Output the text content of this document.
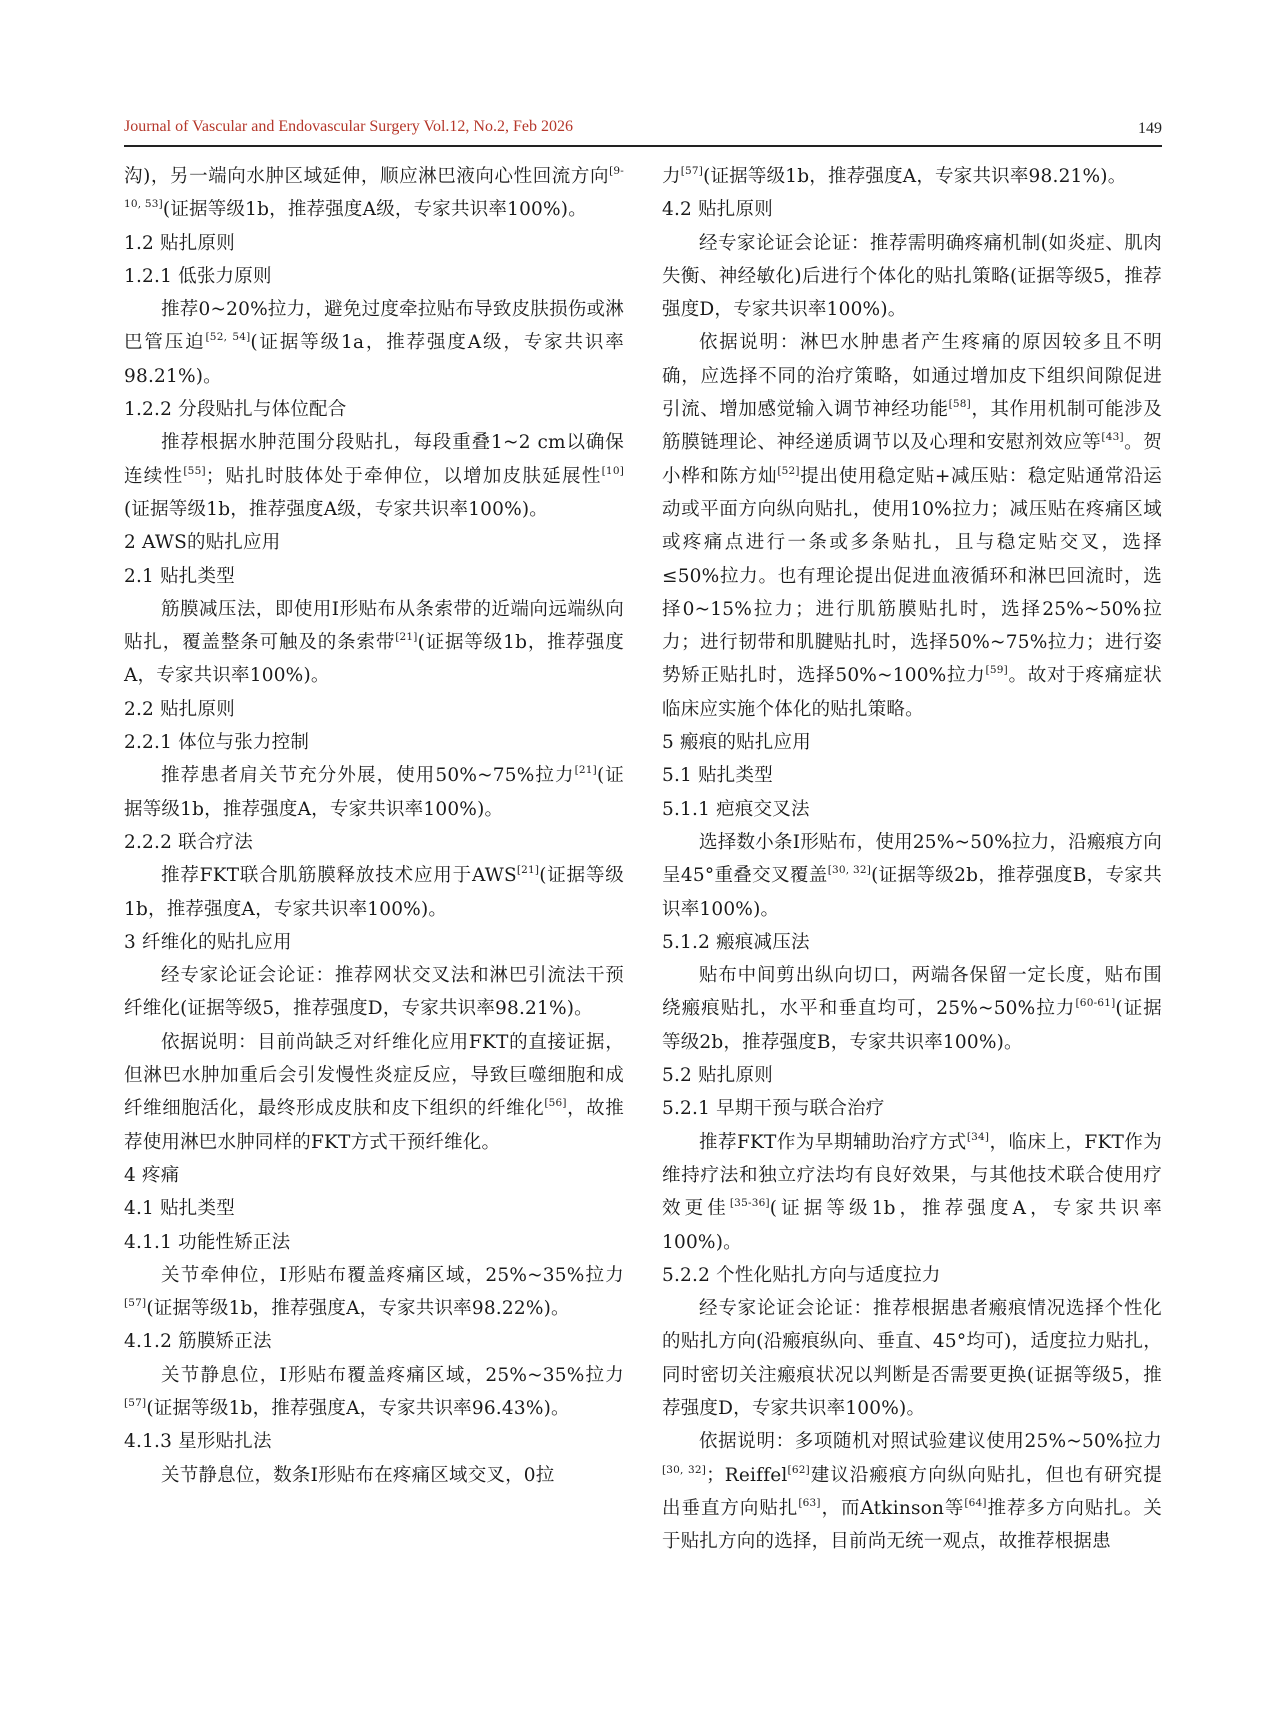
Journal of Vascular and Endovascular Surgery Vol.12, No.2, Feb 2026	149

沟)，另一端向水肿区域延伸，顺应淋巴液向心性回流方向[9-10, 53](证据等级1b，推荐强度A级，专家共识率100%)。

1.2 贴扎原则

1.2.1 低张力原则

推荐0~20%拉力，避免过度牵拉贴布导致皮肤损伤或淋巴管压迫[52, 54](证据等级1a，推荐强度A级，专家共识率98.21%)。

1.2.2 分段贴扎与体位配合

推荐根据水肿范围分段贴扎，每段重叠1~2 cm以确保连续性[55]；贴扎时肢体处于牵伸位，以增加皮肤延展性[10](证据等级1b，推荐强度A级，专家共识率100%)。

2 AWS的贴扎应用

2.1 贴扎类型

筋膜减压法，即使用Ⅰ形贴布从条索带的近端向远端纵向贴扎，覆盖整条可触及的条索带[21](证据等级1b，推荐强度A，专家共识率100%)。

2.2 贴扎原则

2.2.1 体位与张力控制

推荐患者肩关节充分外展，使用50%~75%拉力[21](证据等级1b，推荐强度A，专家共识率100%)。

2.2.2 联合疗法

推荐FKT联合肌筋膜释放技术应用于AWS[21](证据等级1b，推荐强度A，专家共识率100%)。

3 纤维化的贴扎应用

经专家论证会论证：推荐网状交叉法和淋巴引流法干预纤维化(证据等级5，推荐强度D，专家共识率98.21%)。

依据说明：目前尚缺乏对纤维化应用FKT的直接证据，但淋巴水肿加重后会引发慢性炎症反应，导致巨噬细胞和成纤维细胞活化，最终形成皮肤和皮下组织的纤维化[56]，故推荐使用淋巴水肿同样的FKT方式干预纤维化。

4 疼痛

4.1 贴扎类型

4.1.1 功能性矫正法

关节牵伸位，Ⅰ形贴布覆盖疼痛区域，25%~35%拉力[57](证据等级1b，推荐强度A，专家共识率98.22%)。

4.1.2 筋膜矫正法

关节静息位，Ⅰ形贴布覆盖疼痛区域，25%~35%拉力[57](证据等级1b，推荐强度A，专家共识率96.43%)。

4.1.3 星形贴扎法

关节静息位，数条Ⅰ形贴布在疼痛区域交叉，0拉

力[57](证据等级1b，推荐强度A，专家共识率98.21%)。

4.2 贴扎原则

经专家论证会论证：推荐需明确疼痛机制(如炎症、肌肉失衡、神经敏化)后进行个体化的贴扎策略(证据等级5，推荐强度D，专家共识率100%)。

依据说明：淋巴水肿患者产生疼痛的原因较多且不明确，应选择不同的治疗策略，如通过增加皮下组织间隙促进引流、增加感觉输入调节神经功能[58]，其作用机制可能涉及筋膜链理论、神经递质调节以及心理和安慰剂效应等[43]。贺小桦和陈方灿[52]提出使用稳定贴+减压贴：稳定贴通常沿运动或平面方向纵向贴扎，使用10%拉力；减压贴在疼痛区域或疼痛点进行一条或多条贴扎，且与稳定贴交叉，选择≤50%拉力。也有理论提出促进血液循环和淋巴回流时，选择0~15%拉力；进行肌筋膜贴扎时，选择25%~50%拉力；进行韧带和肌腱贴扎时，选择50%~75%拉力；进行姿势矫正贴扎时，选择50%~100%拉力[59]。故对于疼痛症状临床应实施个体化的贴扎策略。

5 瘢痕的贴扎应用

5.1 贴扎类型

5.1.1 疤痕交叉法

选择数小条Ⅰ形贴布，使用25%~50%拉力，沿瘢痕方向呈45°重叠交叉覆盖[30, 32](证据等级2b，推荐强度B，专家共识率100%)。

5.1.2 瘢痕减压法

贴布中间剪出纵向切口，两端各保留一定长度，贴布围绕瘢痕贴扎，水平和垂直均可，25%~50%拉力[60-61](证据等级2b，推荐强度B，专家共识率100%)。

5.2 贴扎原则

5.2.1 早期干预与联合治疗

推荐FKT作为早期辅助治疗方式[34]，临床上，FKT作为维持疗法和独立疗法均有良好效果，与其他技术联合使用疗效更佳[35-36](证据等级1b，推荐强度A，专家共识率100%)。

5.2.2 个性化贴扎方向与适度拉力

经专家论证会论证：推荐根据患者瘢痕情况选择个性化的贴扎方向(沿瘢痕纵向、垂直、45°均可)，适度拉力贴扎，同时密切关注瘢痕状况以判断是否需要更换(证据等级5，推荐强度D，专家共识率100%)。

依据说明：多项随机对照试验建议使用25%~50%拉力[30, 32]；Reiffel[62]建议沿瘢痕方向纵向贴扎，但也有研究提出垂直方向贴扎[63]，而Atkinson等[64]推荐多方向贴扎。关于贴扎方向的选择，目前尚无统一观点，故推荐根据患
